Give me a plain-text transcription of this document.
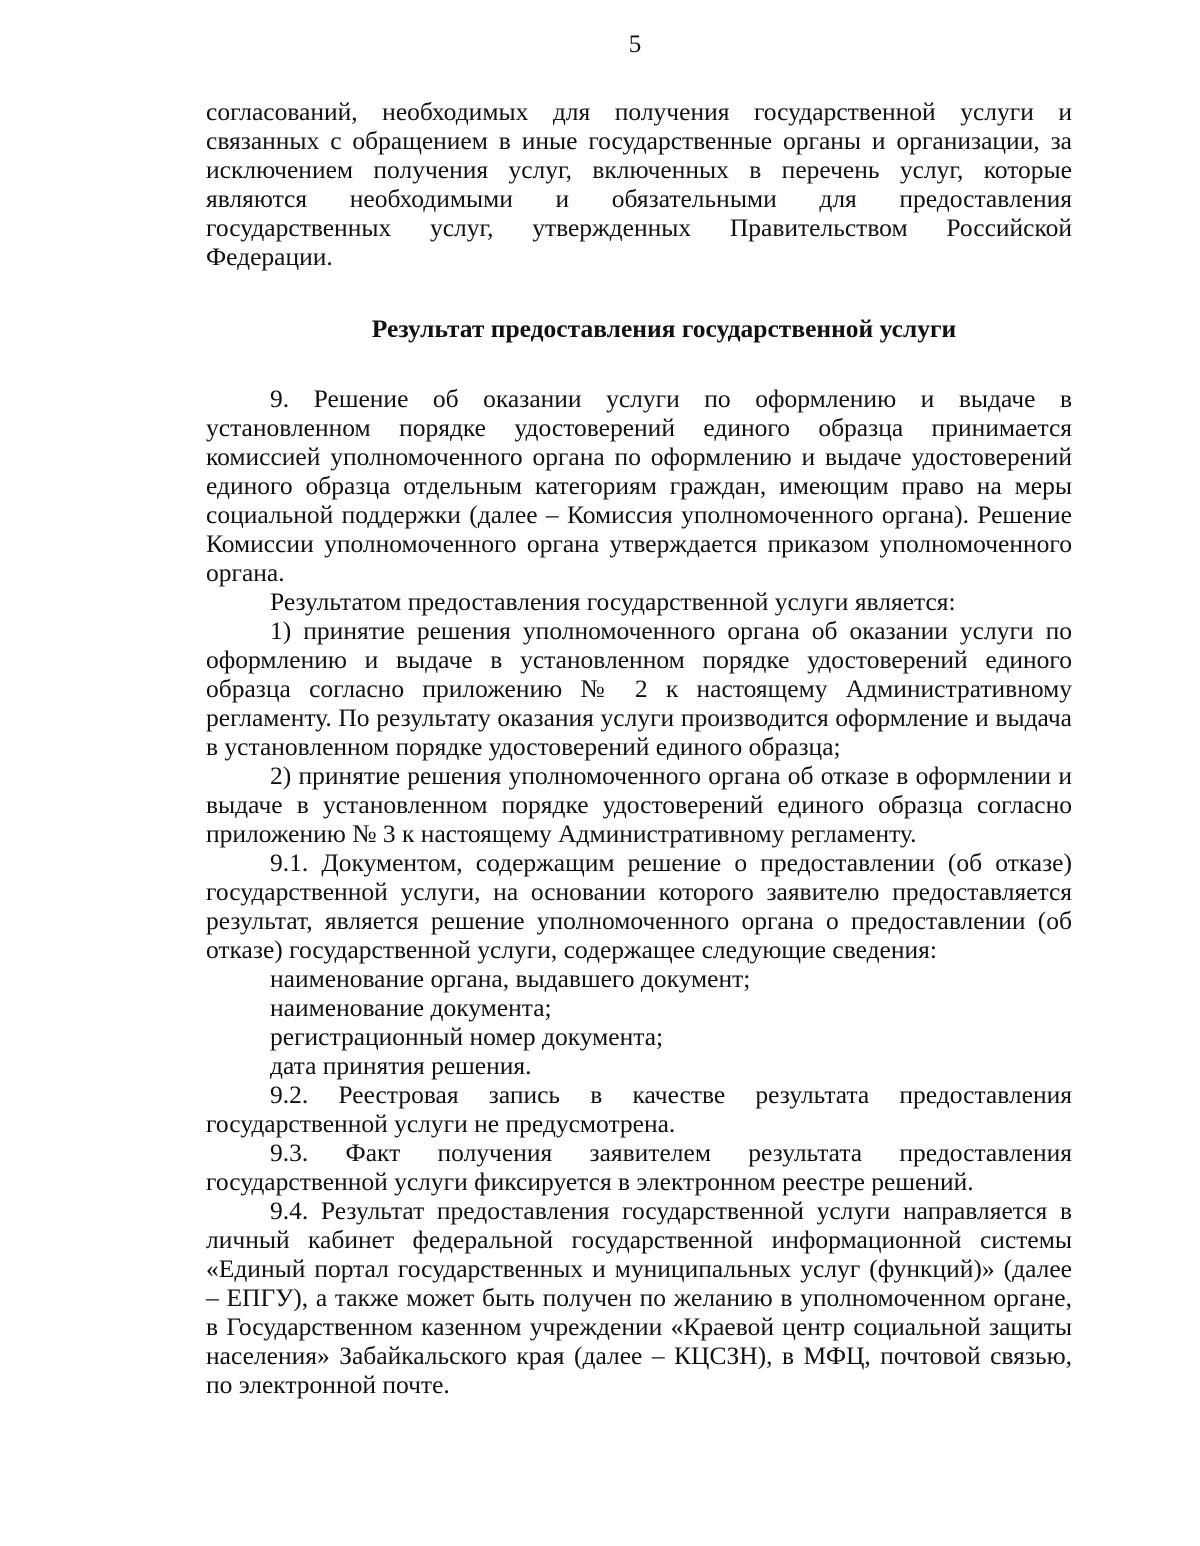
5

согласований, необходимых для получения государственной услуги и связанных с обращением в иные государственные органы и организации, за исключением получения услуг, включенных в перечень услуг, которые являются необходимыми и обязательными для предоставления государственных услуг, утвержденных Правительством Российской Федерации.

Результат предоставления государственной услуги

9. Решение об оказании услуги по оформлению и выдаче в установленном порядке удостоверений единого образца принимается комиссией уполномоченного органа по оформлению и выдаче удостоверений единого образца отдельным категориям граждан, имеющим право на меры социальной поддержки (далее – Комиссия уполномоченного органа). Решение Комиссии уполномоченного органа утверждается приказом уполномоченного органа.

Результатом предоставления государственной услуги является:

1) принятие решения уполномоченного органа об оказании услуги по оформлению и выдаче в установленном порядке удостоверений единого образца согласно приложению № 2 к настоящему Административному регламенту. По результату оказания услуги производится оформление и выдача в установленном порядке удостоверений единого образца;

2) принятие решения уполномоченного органа об отказе в оформлении и выдаче в установленном порядке удостоверений единого образца согласно приложению № 3 к настоящему Административному регламенту.

9.1. Документом, содержащим решение о предоставлении (об отказе) государственной услуги, на основании которого заявителю предоставляется результат, является решение уполномоченного органа о предоставлении (об отказе) государственной услуги, содержащее следующие сведения:

наименование органа, выдавшего документ;

наименование документа;

регистрационный номер документа;

дата принятия решения.

9.2. Реестровая запись в качестве результата предоставления государственной услуги не предусмотрена.

9.3. Факт получения заявителем результата предоставления государственной услуги фиксируется в электронном реестре решений.

9.4. Результат предоставления государственной услуги направляется в личный кабинет федеральной государственной информационной системы «Единый портал государственных и муниципальных услуг (функций)» (далее – ЕПГУ), а также может быть получен по желанию в уполномоченном органе, в Государственном казенном учреждении «Краевой центр социальной защиты населения» Забайкальского края (далее – КЦСЗН), в МФЦ, почтовой связью, по электронной почте.
